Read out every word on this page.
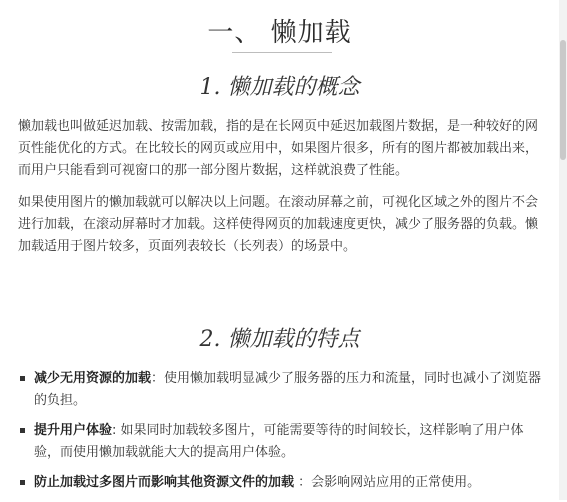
一、 懒加载
1. 懒加载的概念
懒加载也叫做延迟加载、按需加载，指的是在长网页中延迟加载图片数据，是一种较好的网页性能优化的方式。在比较长的网页或应用中，如果图片很多，所有的图片都被加载出来，而用户只能看到可视窗口的那一部分图片数据，这样就浪费了性能。
如果使用图片的懒加载就可以解决以上问题。在滚动屏幕之前，可视化区域之外的图片不会进行加载，在滚动屏幕时才加载。这样使得网页的加载速度更快，减少了服务器的负载。懒加载适用于图片较多，页面列表较长（长列表）的场景中。
2. 懒加载的特点
减少无用资源的加载：使用懒加载明显减少了服务器的压力和流量，同时也减小了浏览器的负担。
提升用户体验: 如果同时加载较多图片，可能需要等待的时间较长，这样影响了用户体验，而使用懒加载就能大大的提高用户体验。
防止加载过多图片而影响其他资源文件的加载 ：会影响网站应用的正常使用。
